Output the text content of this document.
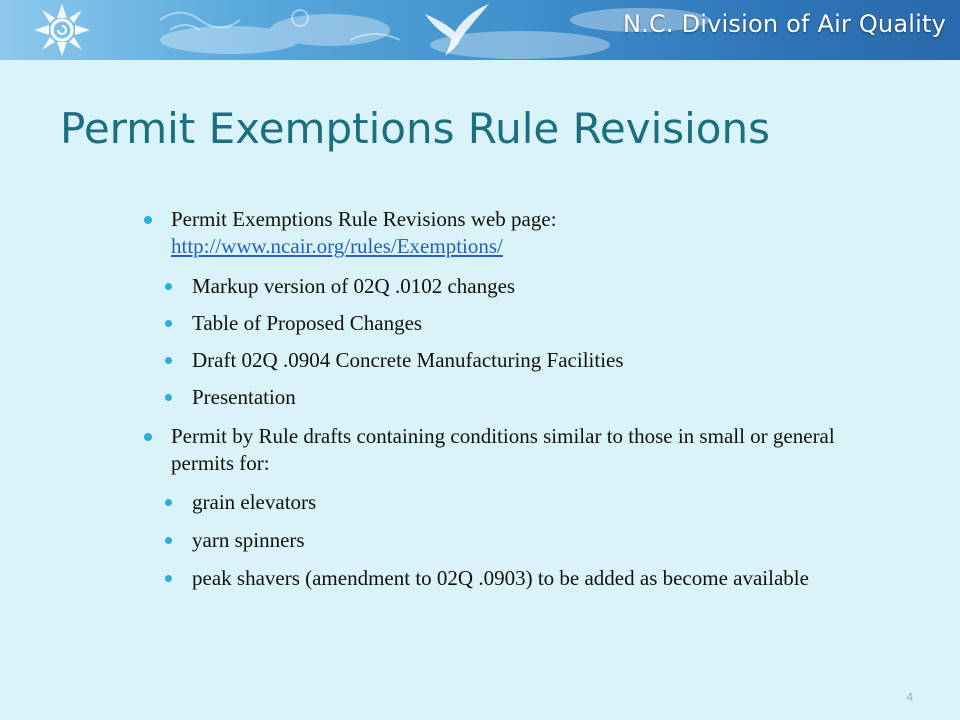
N.C. Division of Air Quality
Permit Exemptions Rule Revisions
Permit Exemptions Rule Revisions web page:
http://www.ncair.org/rules/Exemptions/
Markup version of 02Q .0102 changes
Table of Proposed Changes
Draft 02Q .0904 Concrete Manufacturing Facilities
Presentation
Permit by Rule drafts containing conditions similar to those in small or general permits for:
grain elevators
yarn spinners
peak shavers (amendment to 02Q .0903) to be added as become available
4
